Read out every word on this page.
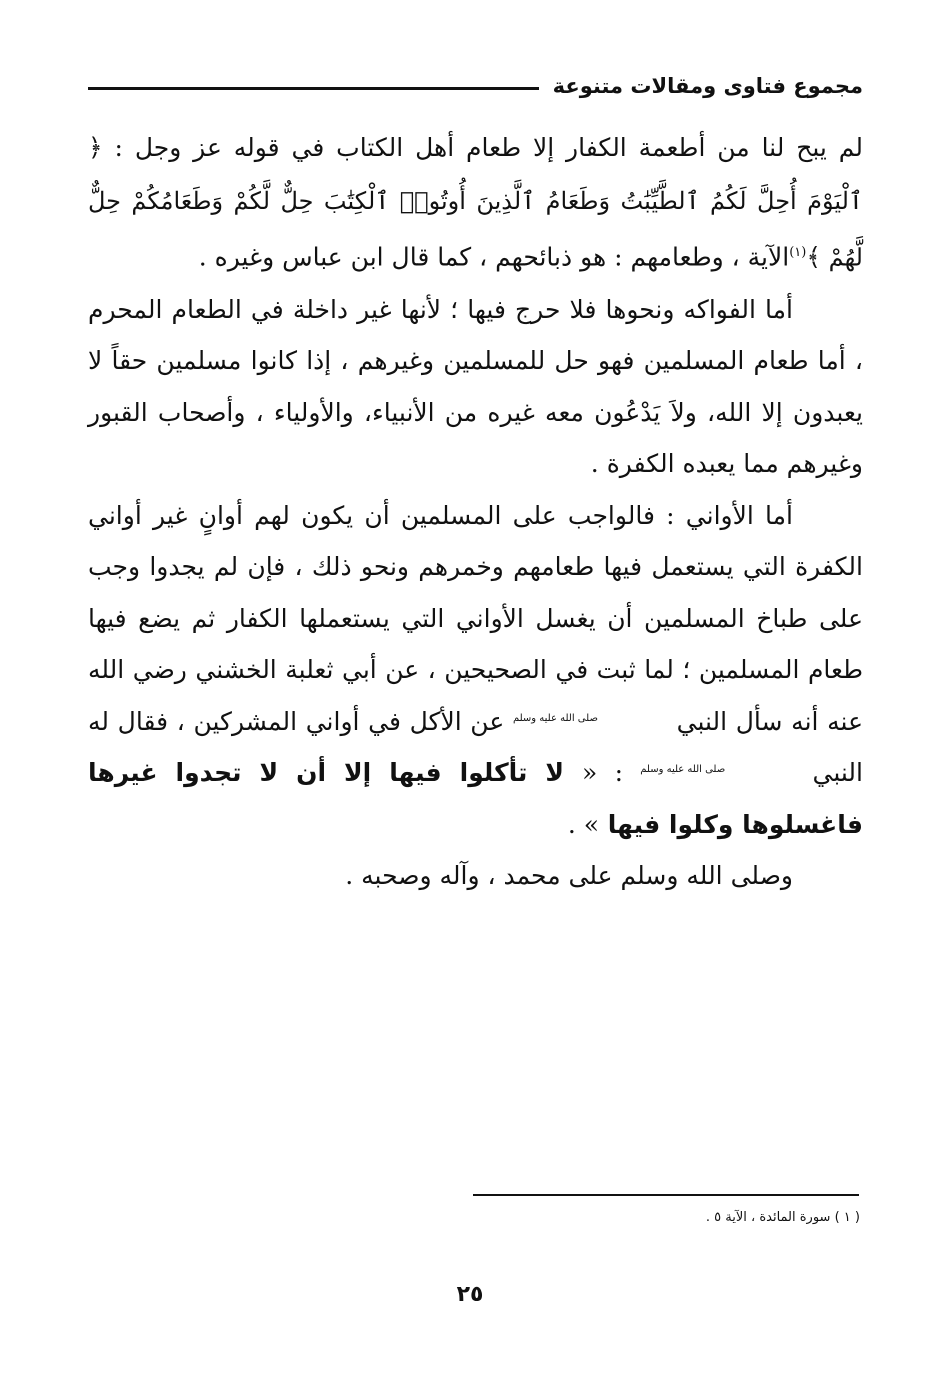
مجموع فتاوى ومقالات متنوعة

لم يبح لنا من أطعمة الكفار إلا طعام أهل الكتاب في قوله عز وجل : ﴿ ٱلْيَوْمَ أُحِلَّ لَكُمُ ٱلطَّيِّبَٰتُ وَطَعَامُ ٱلَّذِينَ أُوتُوا۟ ٱلْكِتَٰبَ حِلٌّ لَّكُمْ وَطَعَامُكُمْ حِلٌّ لَّهُمْ ﴾$^{(١)}$الآية ، وطعامهم : هو ذبائحهم ، كما قال ابن عباس وغيره .

أما الفواكه ونحوها فلا حرج فيها ؛ لأنها غير داخلة في الطعام المحرم ، أما طعام المسلمين فهو حل للمسلمين وغيرهم ، إذا كانوا مسلمين حقاً لا يعبدون إلا الله، ولاَ يَدْعُون معه غيره من الأنبياء، والأولياء ، وأصحاب القبور وغيرهم مما يعبده الكفرة .

أما الأواني : فالواجب على المسلمين أن يكون لهم أوانٍ غير أواني الكفرة التي يستعمل فيها طعامهم وخمرهم ونحو ذلك ، فإن لم يجدوا وجب على طباخ المسلمين أن يغسل الأواني التي يستعملها الكفار ثم يضع فيها طعام المسلمين ؛ لما ثبت في الصحيحين ، عن أبي ثعلبة الخشني رضي الله عنه أنه سأل النبي صلى الله عليه وسلم عن الأكل في أواني المشركين ، فقال له النبي صلى الله عليه وسلم : « لا تأكلوا فيها إلا أن لا تجدوا غيرها فاغسلوها وكلوا فيها » .

وصلى الله وسلم على محمد ، وآله وصحبه .

( ١ ) سورة المائدة ، الآية ٥ .
٢٥
